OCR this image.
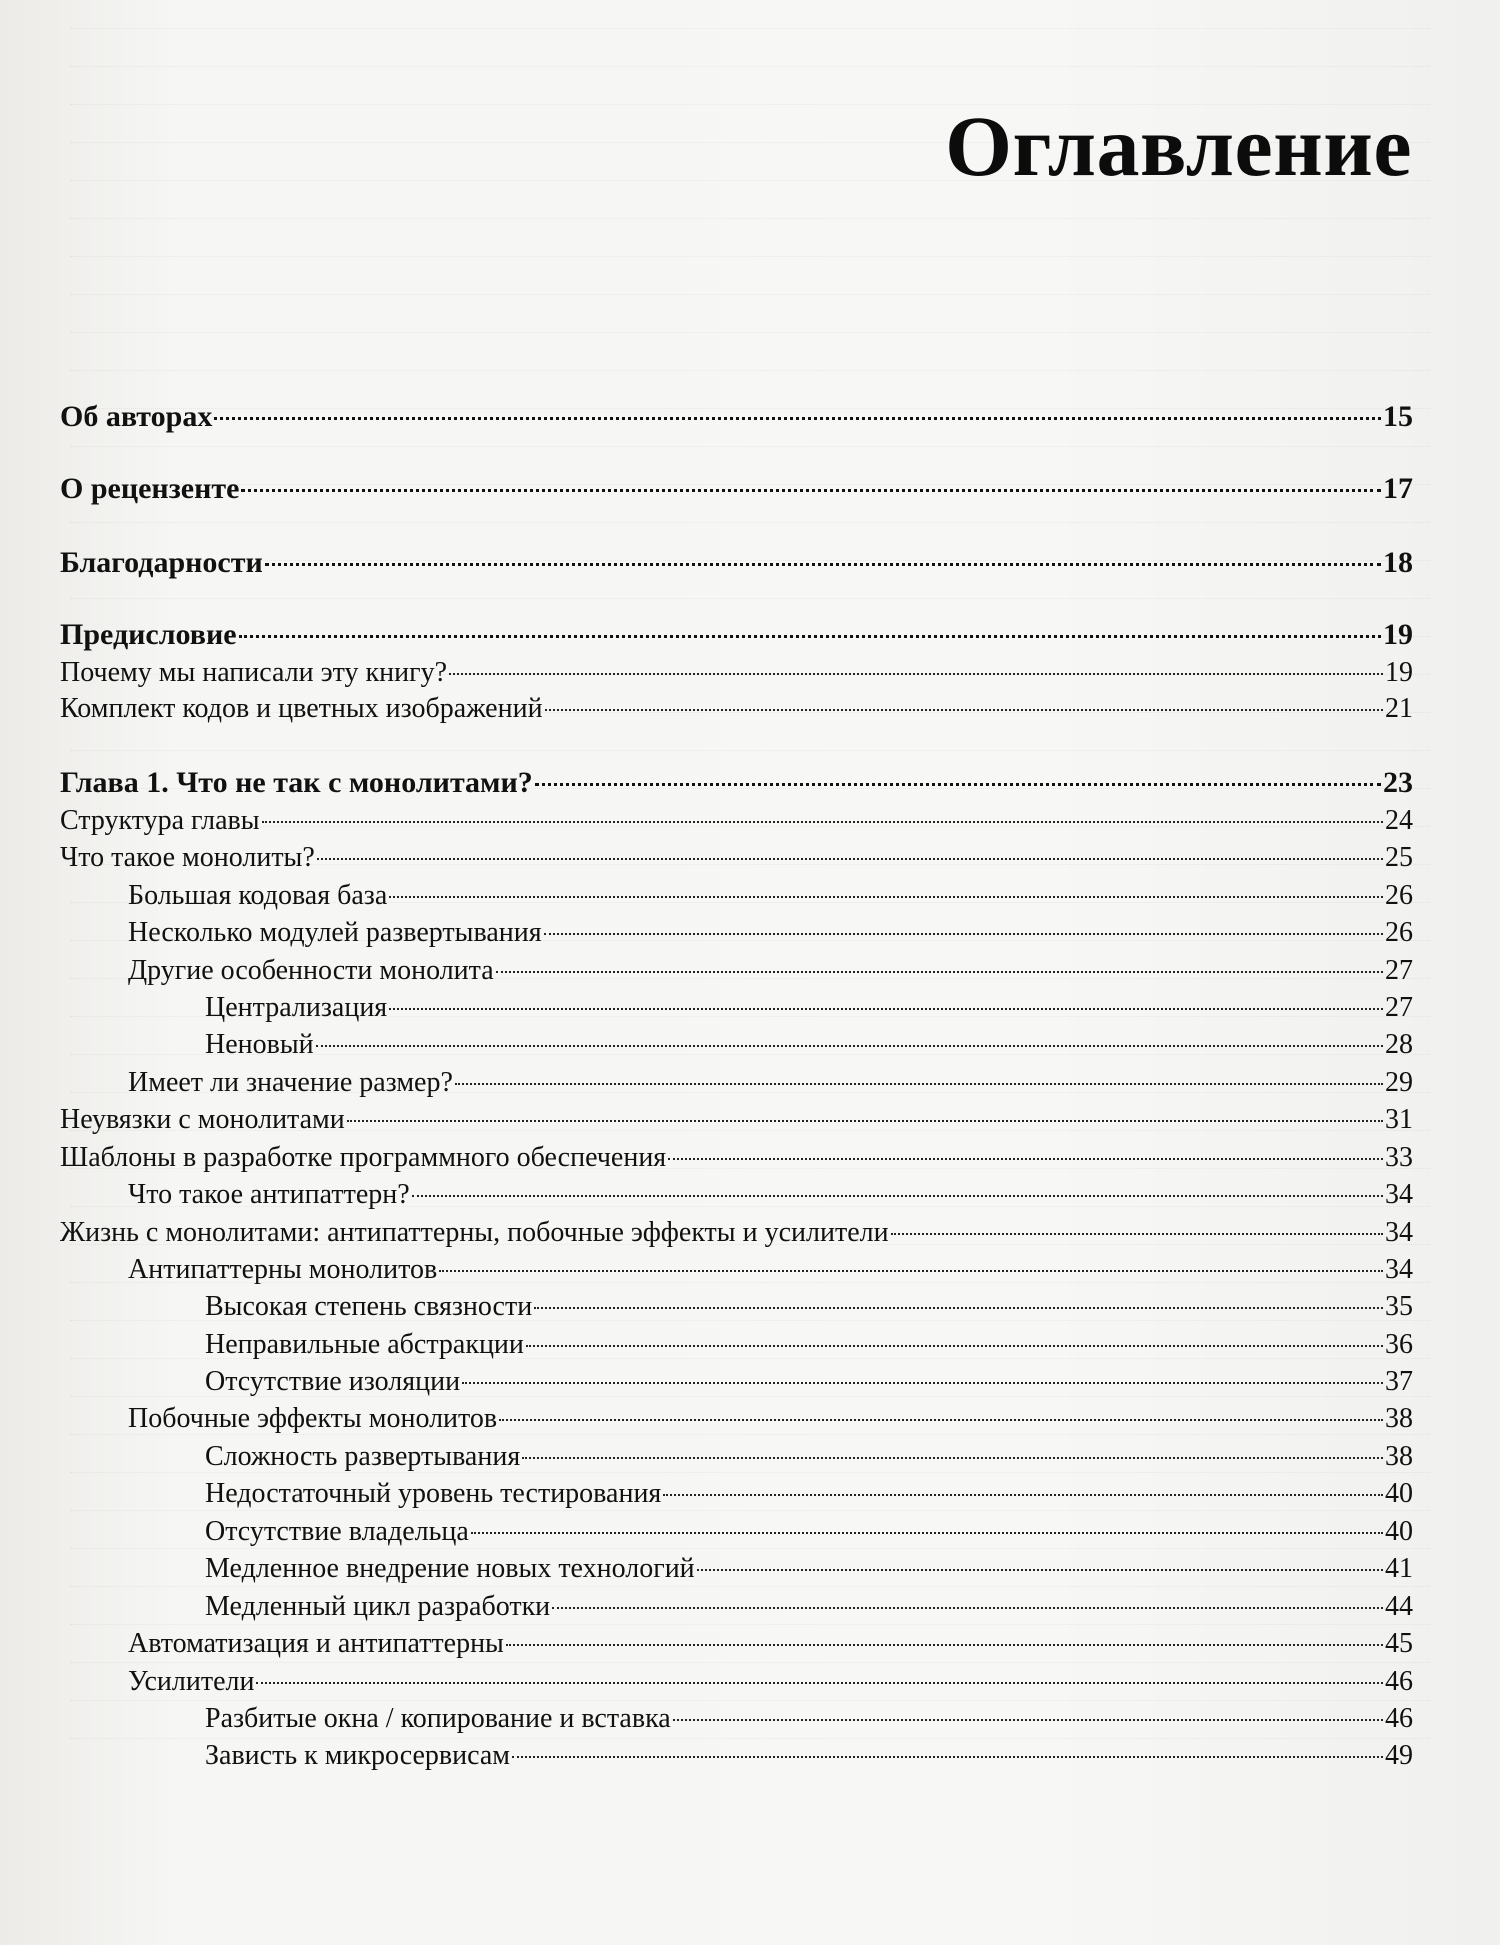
Оглавление
Об авторах	15
О рецензенте	17
Благодарности	18
Предисловие	19
Почему мы написали эту книгу?	19
Комплект кодов и цветных изображений	21
Глава 1. Что не так с монолитами?	23
Структура главы	24
Что такое монолиты?	25
Большая кодовая база	26
Несколько модулей развертывания	26
Другие особенности монолита	27
Централизация	27
Неновый	28
Имеет ли значение размер?	29
Неувязки с монолитами	31
Шаблоны в разработке программного обеспечения	33
Что такое антипаттерн?	34
Жизнь с монолитами: антипаттерны, побочные эффекты и усилители	34
Антипаттерны монолитов	34
Высокая степень связности	35
Неправильные абстракции	36
Отсутствие изоляции	37
Побочные эффекты монолитов	38
Сложность развертывания	38
Недостаточный уровень тестирования	40
Отсутствие владельца	40
Медленное внедрение новых технологий	41
Медленный цикл разработки	44
Автоматизация и антипаттерны	45
Усилители	46
Разбитые окна / копирование и вставка	46
Зависть к микросервисам	49
